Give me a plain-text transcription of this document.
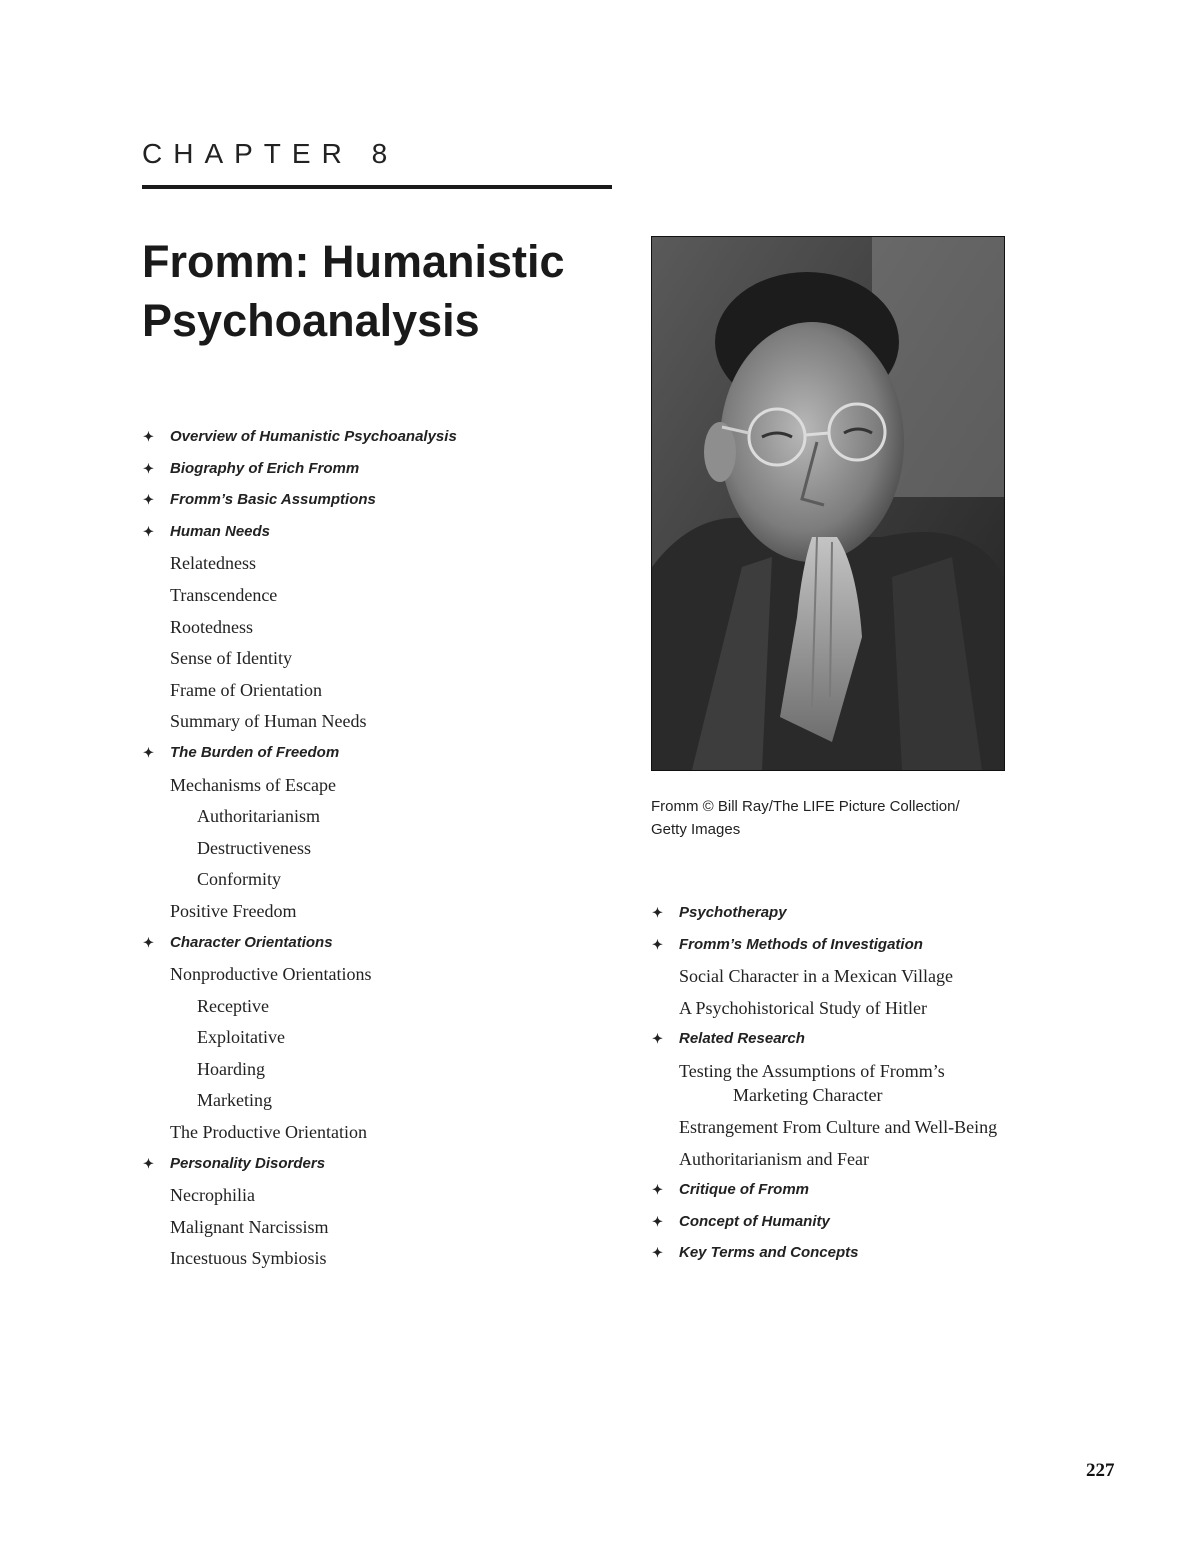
CHAPTER 8
Fromm: Humanistic
Psychoanalysis
✦ Overview of Humanistic Psychoanalysis
✦ Biography of Erich Fromm
✦ Fromm’s Basic Assumptions
✦ Human Needs
Relatedness
Transcendence
Rootedness
Sense of Identity
Frame of Orientation
Summary of Human Needs
✦ The Burden of Freedom
Mechanisms of Escape
Authoritarianism
Destructiveness
Conformity
Positive Freedom
✦ Character Orientations
Nonproductive Orientations
Receptive
Exploitative
Hoarding
Marketing
The Productive Orientation
✦ Personality Disorders
Necrophilia
Malignant Narcissism
Incestuous Symbiosis
Fromm © Bill Ray/The LIFE Picture Collection/
Getty Images
✦ Psychotherapy
✦ Fromm’s Methods of Investigation
Social Character in a Mexican Village
A Psychohistorical Study of Hitler
✦ Related Research
Testing the Assumptions of Fromm’s
Marketing Character
Estrangement From Culture and Well-Being
Authoritarianism and Fear
✦ Critique of Fromm
✦ Concept of Humanity
✦ Key Terms and Concepts
227
